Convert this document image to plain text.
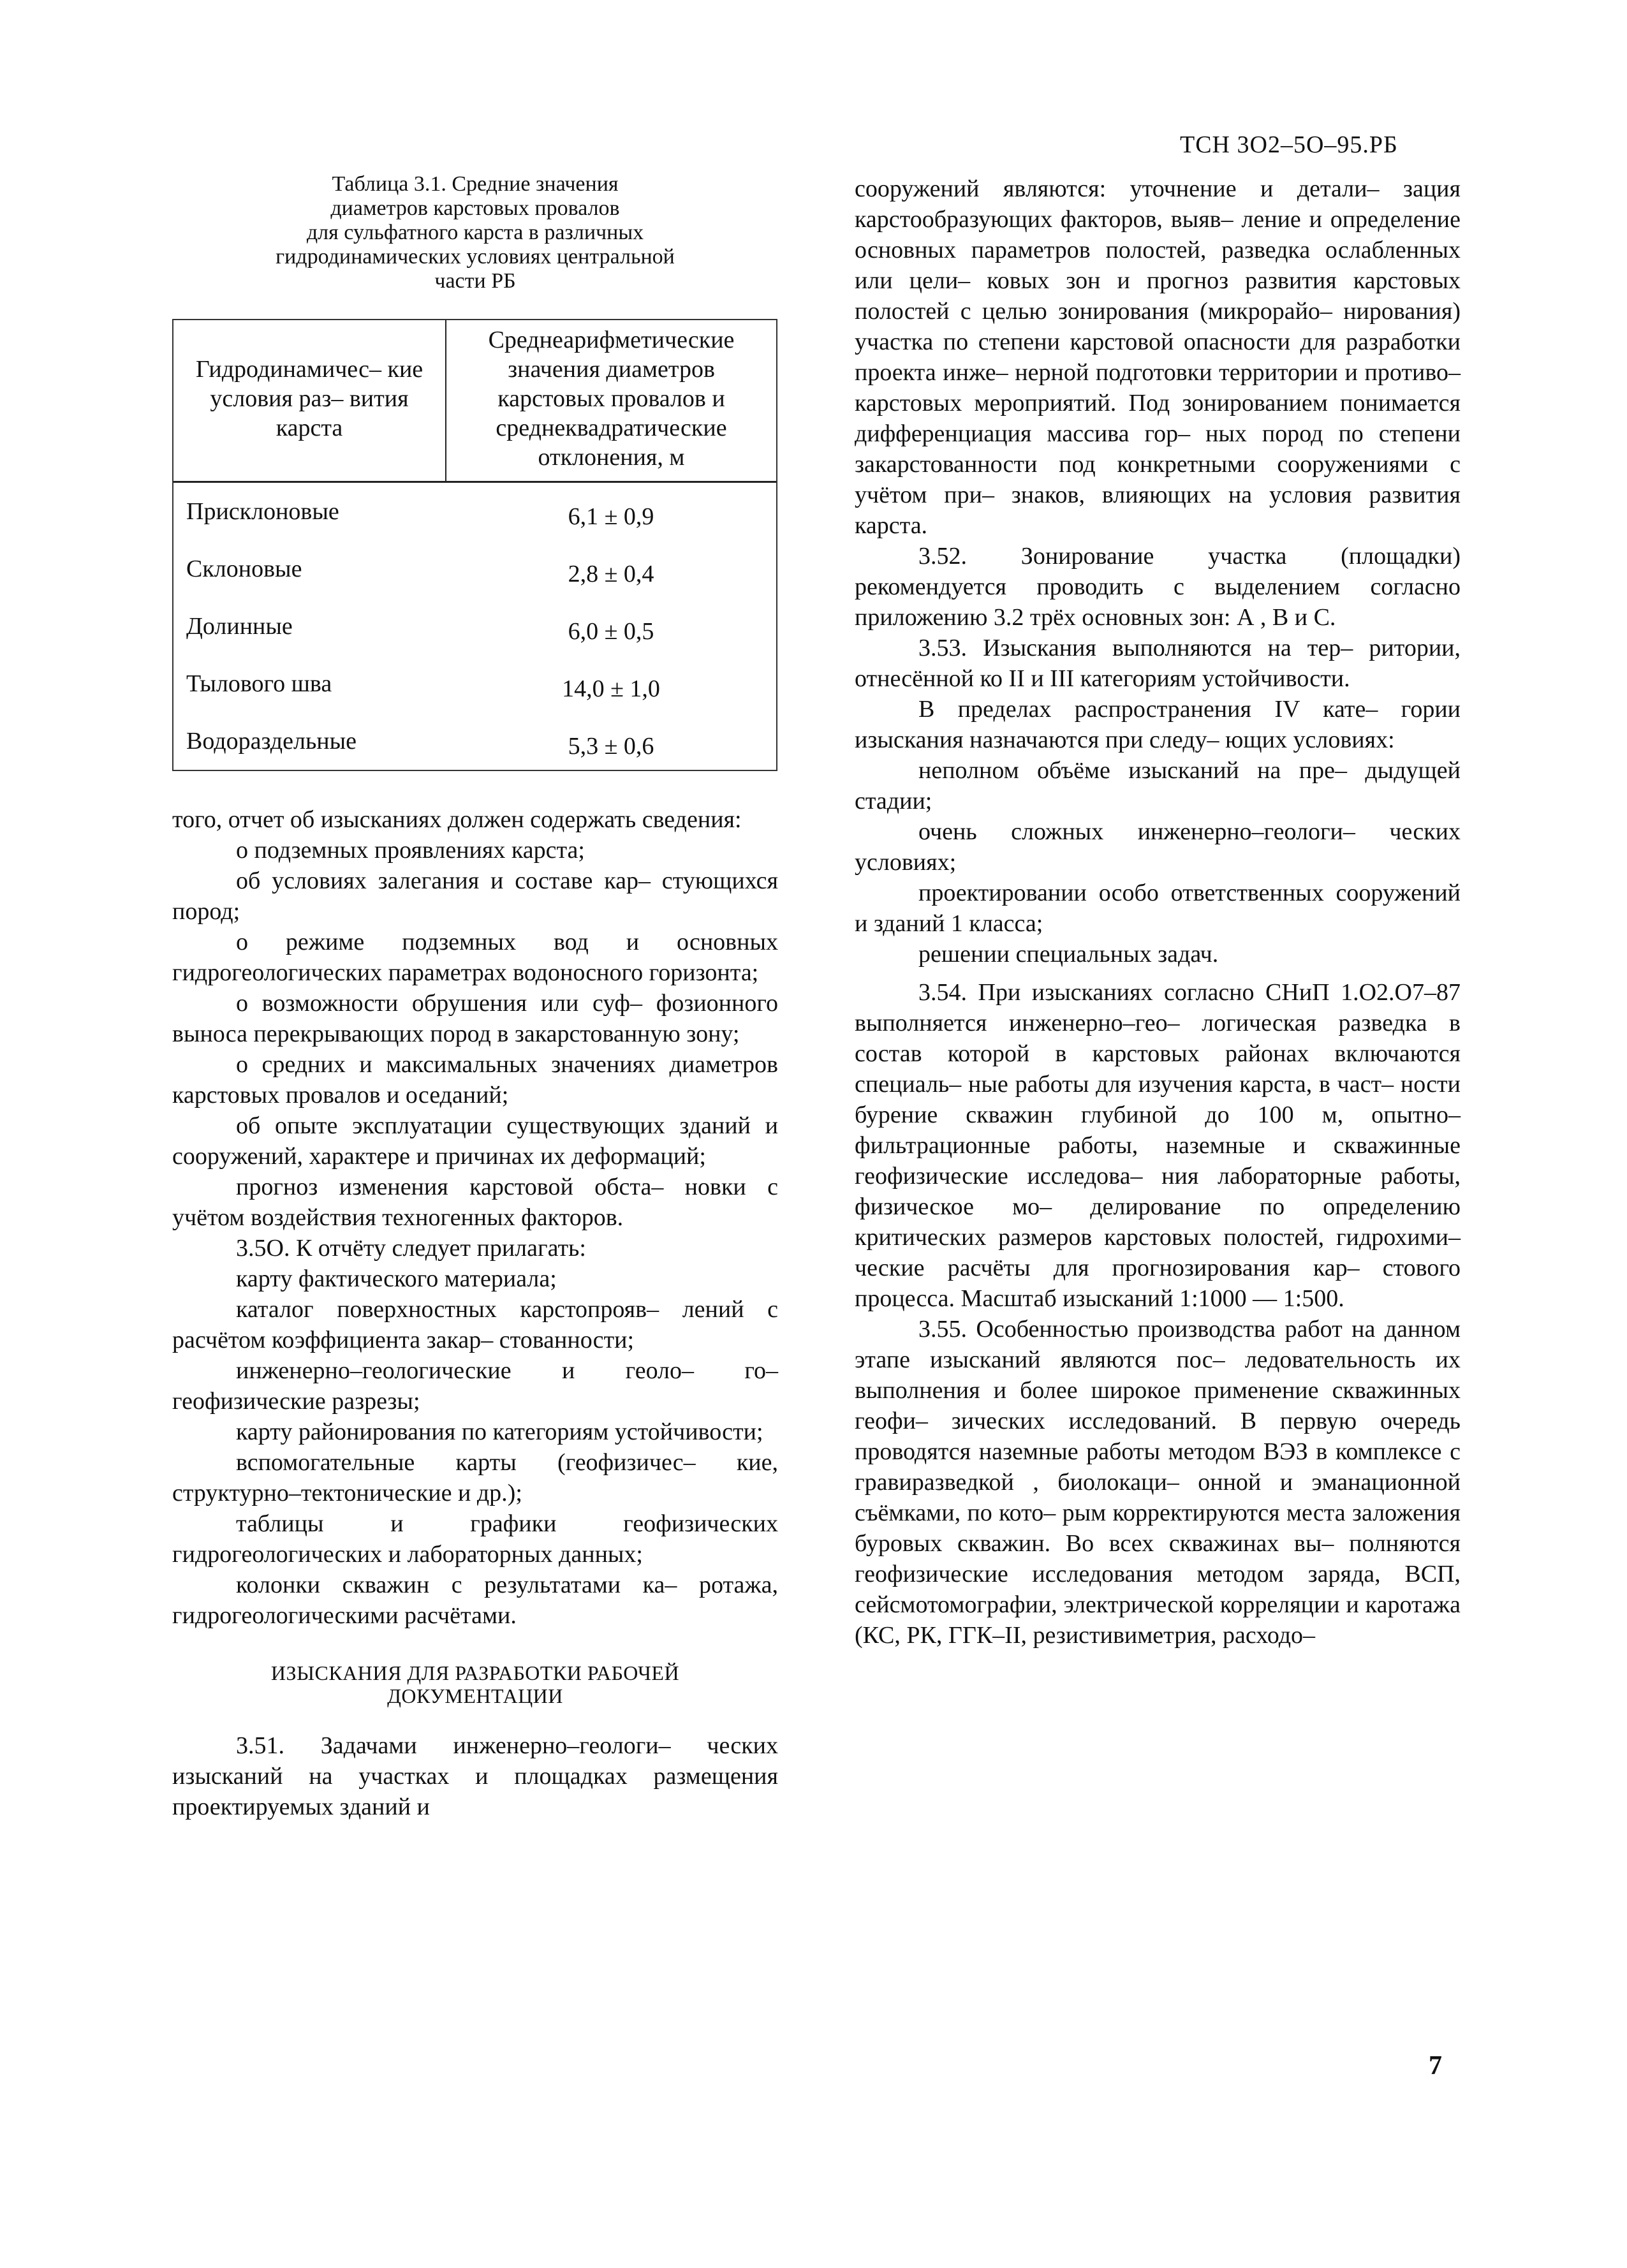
ТСН 3О2–5О–95.РБ
Таблица 3.1. Средние значения
диаметров карстовых провалов
для сульфатного карста в различных
гидродинамических условиях центральной
части РБ
Гидродинамичес– кие условия раз– вития карста	Среднеарифметические значения диаметров карстовых провалов и среднеквадратические отклонения, м
Присклоновые	6,1 ± 0,9
Склоновые	2,8 ± 0,4
Долинные	6,0 ± 0,5
Тылового шва	14,0 ± 1,0
Водораздельные	5,3 ± 0,6

того, отчет об изысканиях должен содержать сведения:

о подземных проявлениях карста;

об условиях залегания и составе кар– стующихся пород;

о режиме подземных вод и основных гидрогеологических параметрах водоносного горизонта;

о возможности обрушения или суф– фозионного выноса перекрывающих пород в закарстованную зону;

о средних и максимальных значениях диаметров карстовых провалов и оседаний;

об опыте эксплуатации существующих зданий и сооружений, характере и причинах их деформаций;

прогноз изменения карстовой обста– новки с учётом воздействия техногенных факторов.

3.5О. К отчёту следует прилагать:

карту фактического материала;

каталог поверхностных карстопрояв– лений с расчётом коэффициента закар– стованности;

инженерно–геологические и геоло– го–геофизические разрезы;

карту районирования по категориям устойчивости;

вспомогательные карты (геофизичес– кие, структурно–тектонические и др.);

таблицы и графики геофизических гидрогеологических и лабораторных данных;

колонки скважин с результатами ка– ротажа, гидрогеологическими расчётами.

ИЗЫСКАНИЯ ДЛЯ РАЗРАБОТКИ РАБОЧЕЙ
ДОКУМЕНТАЦИИ

3.51. Задачами инженерно–геологи– ческих изысканий на участках и площадках размещения проектируемых зданий и

сооружений являются: уточнение и детали– зация карстообразующих факторов, выяв– ление и определение основных параметров полостей, разведка ослабленных или цели– ковых зон и прогноз развития карстовых полостей с целью зонирования (микрорайо– нирования) участка по степени карстовой опасности для разработки проекта инже– нерной подготовки территории и противо– карстовых мероприятий. Под зонированием понимается дифференциация массива гор– ных пород по степени закарстованности под конкретными сооружениями с учётом при– знаков, влияющих на условия развития карста.

3.52. Зонирование участка (площадки) рекомендуется проводить с выделением согласно приложению 3.2 трёх основных зон: А , В и С.

3.53. Изыскания выполняются на тер– ритории, отнесённой ко II и III категориям устойчивости.

В пределах распространения IV кате– гории изыскания назначаются при следу– ющих условиях:

неполном объёме изысканий на пре– дыдущей стадии;

очень сложных инженерно–геологи– ческих условиях;

проектировании особо ответственных сооружений и зданий 1 класса;

решении специальных задач.

3.54. При изысканиях согласно СНиП 1.О2.О7–87 выполняется инженерно–гео– логическая разведка в состав которой в карстовых районах включаются специаль– ные работы для изучения карста, в част– ности бурение скважин глубиной до 100 м, опытно–фильтрационные работы, наземные и скважинные геофизические исследова– ния лабораторные работы, физическое мо– делирование по определению критических размеров карстовых полостей, гидрохими– ческие расчёты для прогнозирования кар– стового процесса. Масштаб изысканий 1:1000 — 1:500.

3.55. Особенностью производства работ на данном этапе изысканий являются пос– ледовательность их выполнения и более широкое применение скважинных геофи– зических исследований. В первую очередь проводятся наземные работы методом ВЭЗ в комплексе с гравиразведкой , биолокаци– онной и эманационной съёмками, по кото– рым корректируются места заложения буровых скважин. Во всех скважинах вы– полняются геофизические исследования методом заряда, ВСП, сейсмотомографии, электрической корреляции и каротажа (КС, РК, ГГК–II, резистивиметрия, расходо–

7
